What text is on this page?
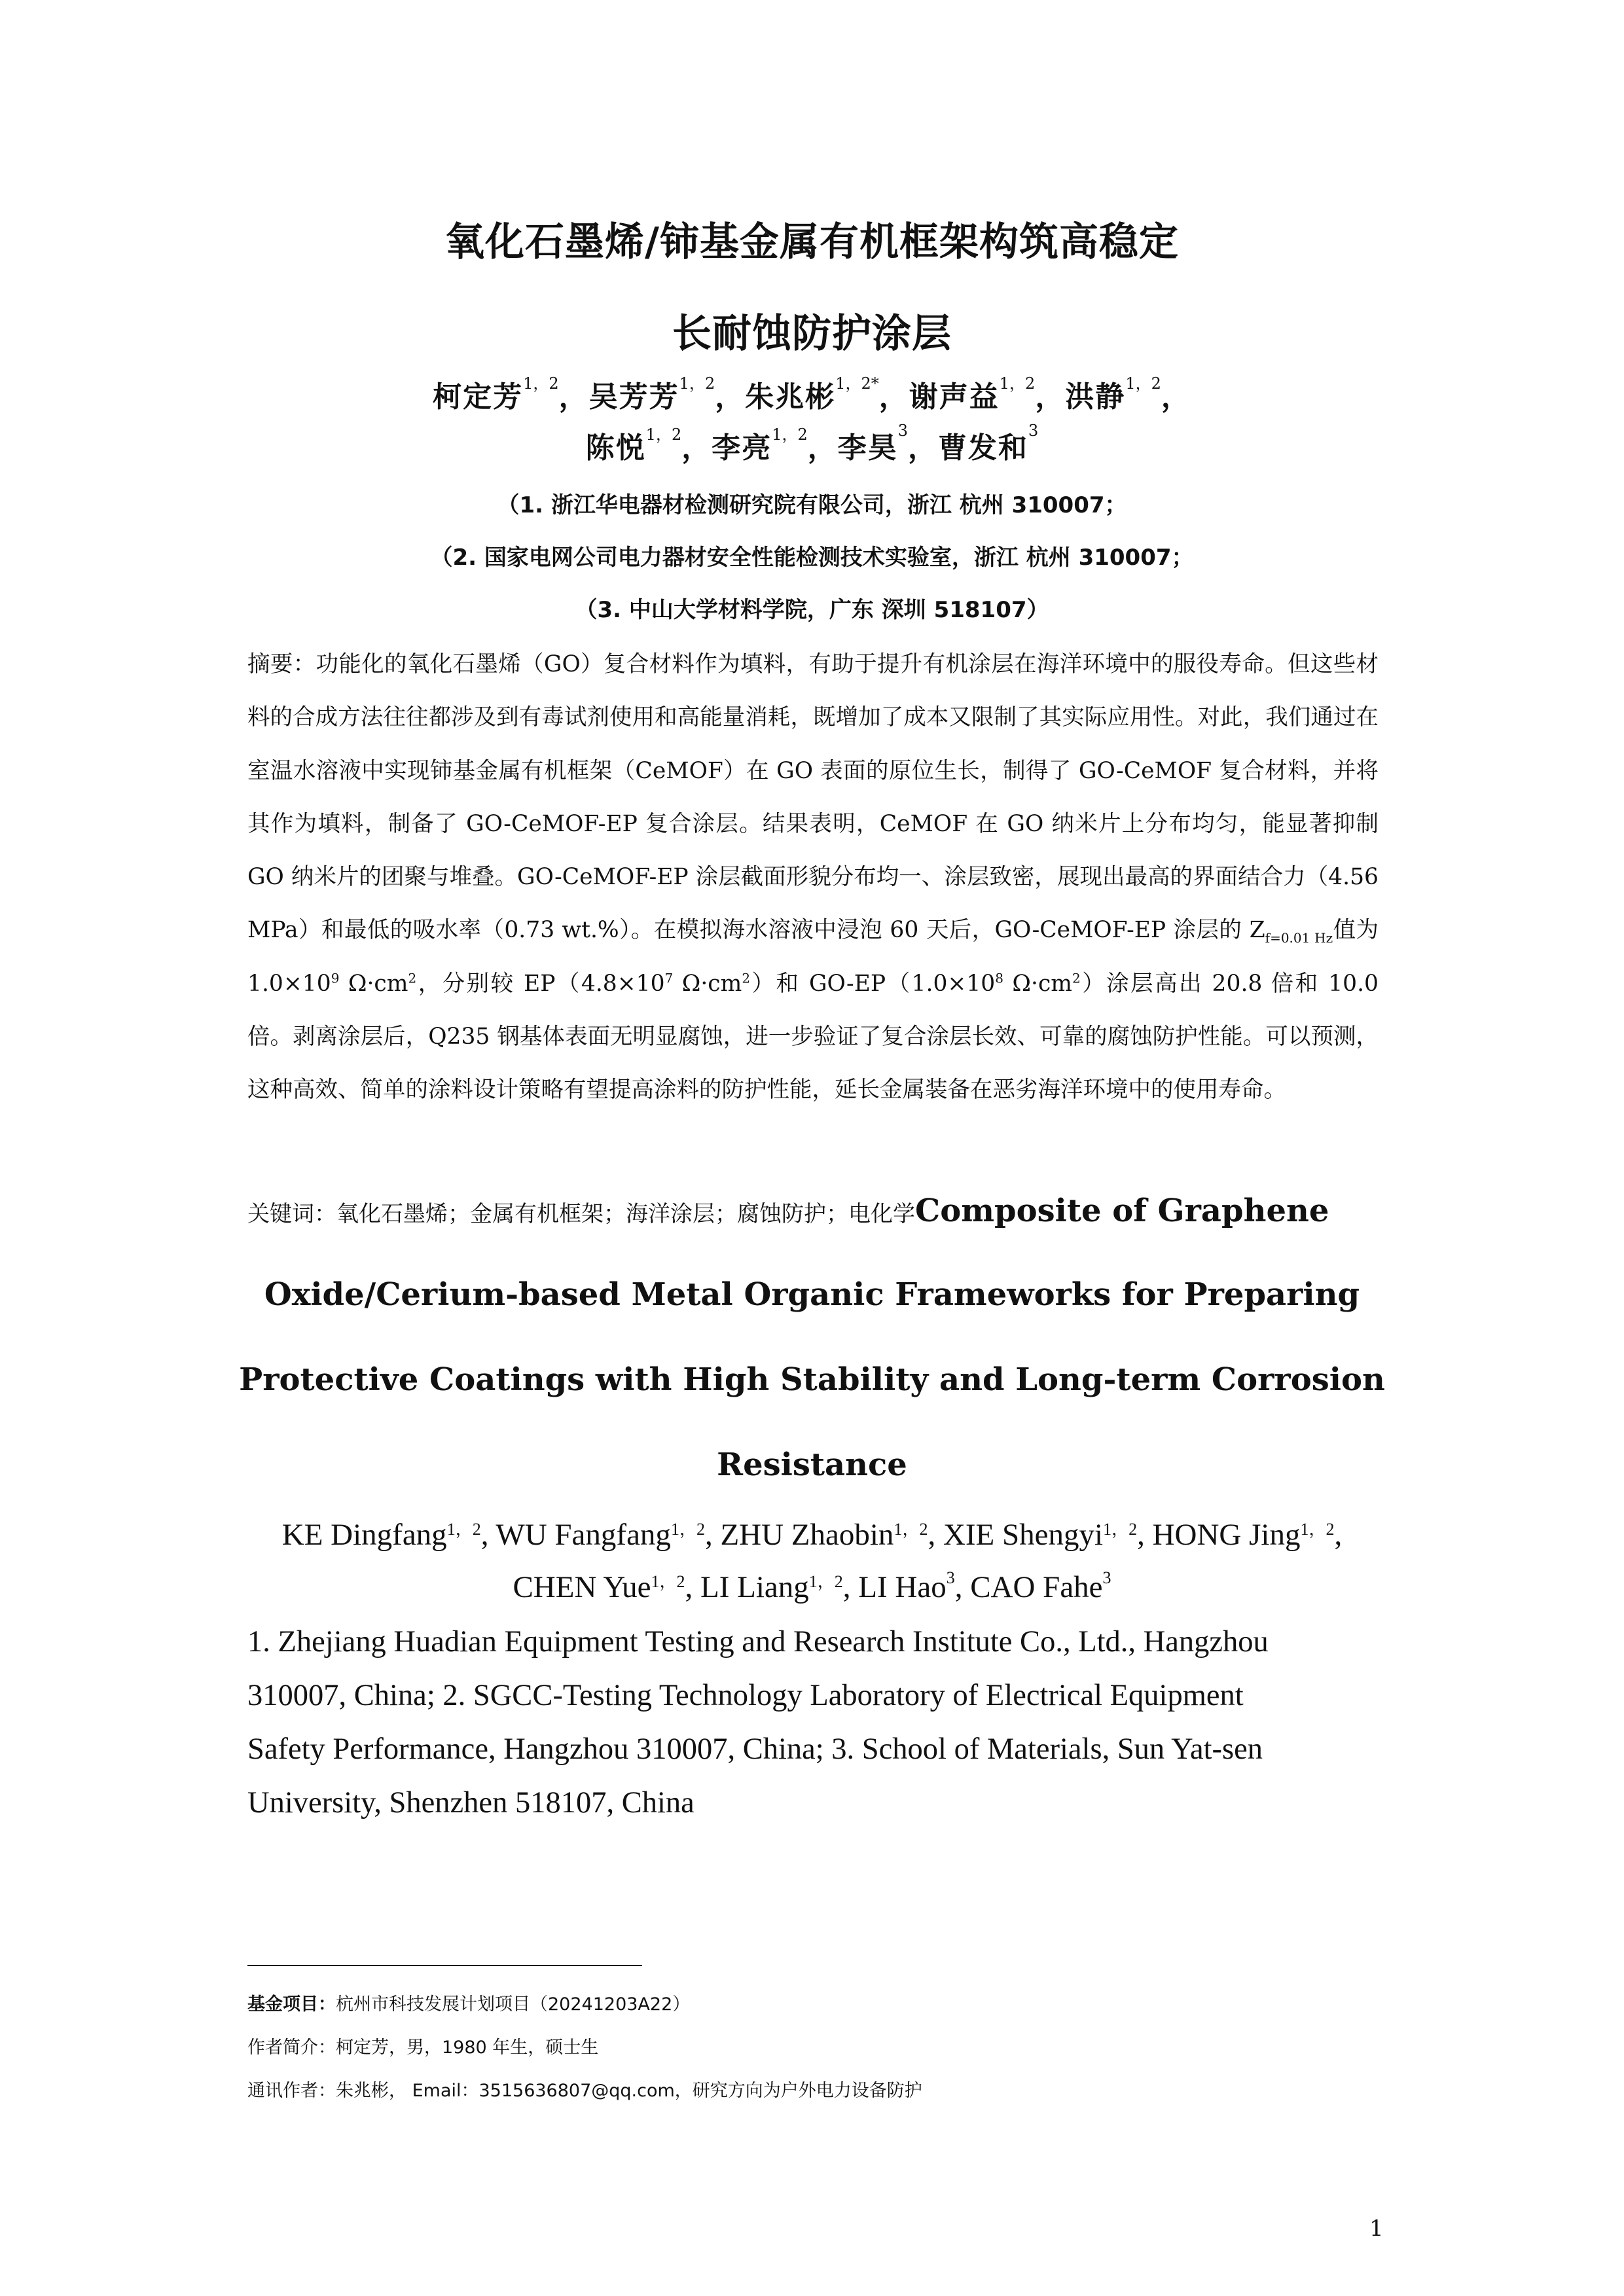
氧化石墨烯/铈基金属有机框架构筑高稳定
长耐蚀防护涂层
柯定芳$^{1,2}$，吴芳芳$^{1,2}$，朱兆彬$^{1,2*}$，谢声益$^{1,2}$，洪静$^{1,2}$，
陈悦$^{1,2}$，李亮$^{1,2}$，李昊$^3$，曹发和$^3$
（1. 浙江华电器材检测研究院有限公司，浙江 杭州 310007；
（2. 国家电网公司电力器材安全性能检测技术实验室，浙江 杭州 310007；
（3. 中山大学材料学院，广东 深圳 518107）
摘要：功能化的氧化石墨烯（GO）复合材料作为填料，有助于提升有机涂层在海洋环境中的服役寿命。但这些材料的合成方法往往都涉及到有毒试剂使用和高能量消耗，既增加了成本又限制了其实际应用性。对此，我们通过在室温水溶液中实现铈基金属有机框架（CeMOF）在 GO 表面的原位生长，制得了 GO-CeMOF 复合材料，并将其作为填料，制备了 GO-CeMOF-EP 复合涂层。结果表明，CeMOF 在 GO 纳米片上分布均匀，能显著抑制 GO 纳米片的团聚与堆叠。GO-CeMOF-EP 涂层截面形貌分布均一、涂层致密，展现出最高的界面结合力（4.56 MPa）和最低的吸水率（0.73 wt.%）。在模拟海水溶液中浸泡 60 天后，GO-CeMOF-EP 涂层的 $Z_{f=0.01 Hz}$值为 $1.0\times 10^9$ $\Omega\cdot cm^2$，分别较 $EP(4.8\times 10^7$ $\Omega\cdot cm^2$）和 $GO-EP(1.0\times 10^8$ $\Omega\cdot cm^2$）涂层高出 20.8 倍和 10.0 倍。剥离涂层后，Q235 钢基体表面无明显腐蚀，进一步验证了复合涂层长效、可靠的腐蚀防护性能。可以预测，这种高效、简单的涂料设计策略有望提高涂料的防护性能，延长金属装备在恶劣海洋环境中的使用寿命。
关键词：氧化石墨烯；金属有机框架；海洋涂层；腐蚀防护；电化学Composite of Graphene
Oxide/Cerium-based Metal Organic Frameworks for Preparing
Protective Coatings with High Stability and Long-term Corrosion
Resistance
KE Dingfang$^{1,2}$, WU Fangfang$^{1,2}$, ZHU Zhaobin$^{1,2}$, XIE Shengyi$^{1,2}$, HONG Jing$^{1,2}$,
CHEN Yue$^{1,2}$, LI Liang$^{1,2}$, LI Hao$^3$, CAO Fahe$^3$
1. Zhejiang Huadian Equipment Testing and Research Institute Co., Ltd., Hangzhou
310007, China; 2. SGCC-Testing Technology Laboratory of Electrical Equipment
Safety Performance, Hangzhou 310007, China; 3. School of Materials, Sun Yat-sen
University, Shenzhen 518107, China
基金项目：杭州市科技发展计划项目（20241203A22）
作者简介：柯定芳，男，1980 年生，硕士生
通讯作者：朱兆彬， Email：3515636807@qq.com，研究方向为户外电力设备防护
1
